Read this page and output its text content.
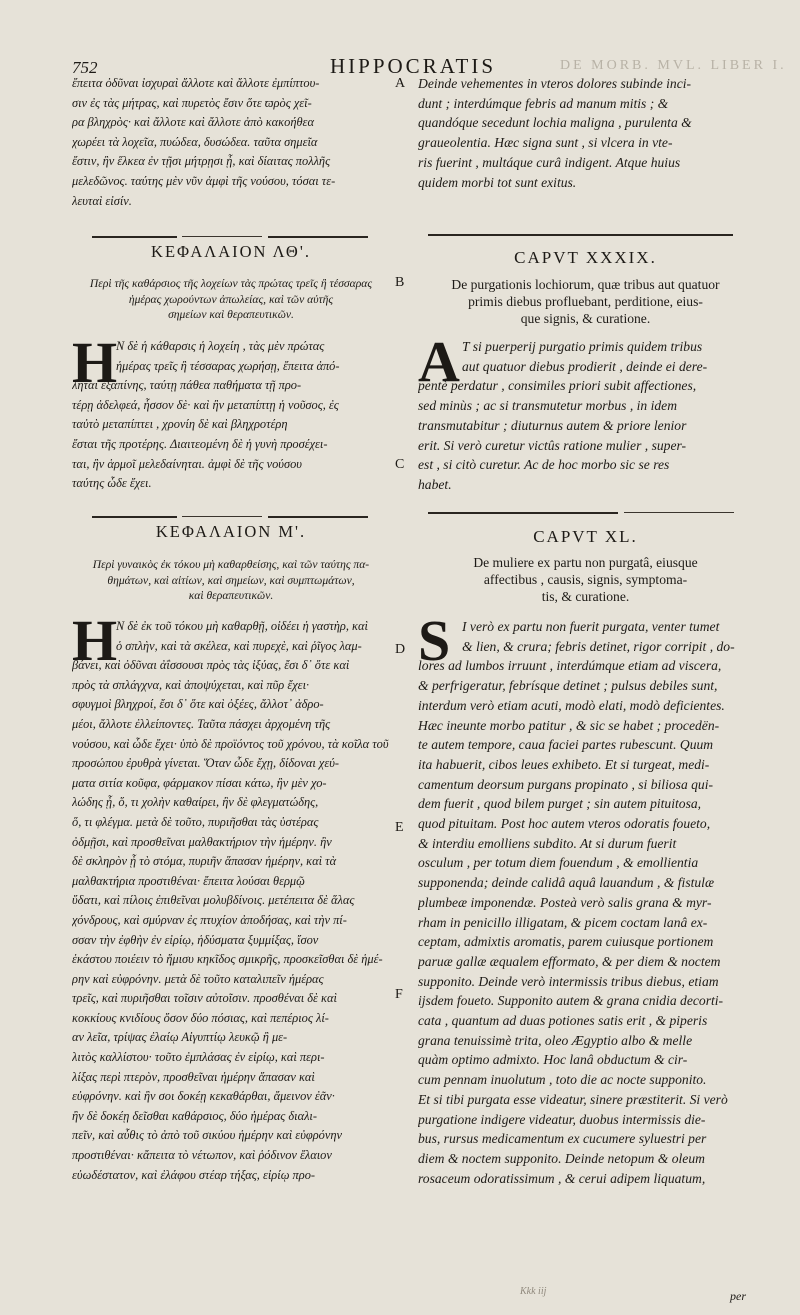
DE MORB. MVL. LIBER I.
752	HIPPOCRATIS
ἔπειτα ὀδῦναι ἰσχυραὶ ἄλλοτε καὶ ἄλλοτε ἐμπίπτου-
σιν ἐς τὰς μήτρας, καὶ πυρετὸς ἔσιν ὅτε ϖρὸς χεῖ-
ρα βληχρὸς· καὶ ἄλλοτε καὶ ἄλλοτε ἀπὸ κακοήθεα
χωρέει τὰ λοχεῖα, πυώδεα, δυσώδεα. ταῦτα σημεῖα
ἔστιν, ἢν ἕλκεα ἐν τῇσι μήτρῃσι ᾖ, καὶ δίαιτας πολλῆς
μελεδῶνος. ταύτης μὲν νῦν ἀμφὶ τῆς νούσου, τόσαι τε-
λευταὶ εἰσίν.
A Deinde vehementes in vteros dolores subinde inci-
dunt ; interdúmque febris ad manum mitis ; &
quandóque secedunt lochia maligna , purulenta &
graueolentia. Hæc signa sunt , si vlcera in vte-
ris fuerint , multáque curâ indigent. Atque huius
quidem morbi tot sunt exitus.
ΚΕΦΑΛΑΙΟΝ ΛΘ'.	CAPVT XXXIX.
Περὶ τῆς καθάρσιος τῆς λοχείων τὰς πρώτας τρεῖς ἢ τέσσαρας
ἡμέρας χωρούντων ἀπωλείας, καὶ τῶν αὐτῆς
σημείων καὶ θεραπευτικῶν.
B	De purgationis lochiorum, quæ tribus aut quatuor
primis diebus profluebant, perditione, eius-
que signis, & curatione.
H
Ν δὲ ἡ κάθαρσις ἡ λοχείη , τὰς μὲν πρώτας
ἡμέρας τρεῖς ἢ τέσσαρας χωρήσῃ, ἔπειτα ἀπό-
ληται ἐξαπίνης, ταύτῃ πάθεα παθήματα τῇ προ-
τέρῃ ἀδελφεά, ἧσσον δὲ· καὶ ἢν μεταπίπτῃ ἡ νοῦσος, ἐς
ταὐτὸ μεταπίπτει , χρονίη δὲ καὶ βληχροτέρη
ἔσται τῆς προτέρης. Διαιτεομένη δὲ ἡ γυνὴ προσέχει-
ται, ἢν ἁρμοῖ μελεδαίνηται. ἀμφὶ δὲ τῆς νούσου
ταύτης ὧδε ἔχει.
A T si puerperij purgatio primis quidem tribus
aut quatuor diebus prodierit , deinde ei dere-
pentè perdatur , consimiles priori subit affectiones,
sed minùs ; ac si transmutetur morbus , in idem
transmutabitur ; diuturnus autem & priore lenior
erit. Si verò curetur victûs ratione mulier , super-
est , si citò curetur. Ac de hoc morbo sic se res
habet.
C
ΚΕΦΑΛΑΙΟΝ Μ'.	CAPVT XL.
Περὶ γυναικὸς ἐκ τόκου μὴ καθαρθείσης, καὶ τῶν ταύτης πα-
θημάτων, καὶ αἰτίων, καὶ σημείων, καὶ συμπτωμάτων,
καὶ θεραπευτικῶν.
De muliere ex partu non purgatâ, eiusque
affectibus , causis, signis, symptoma-
tis, & curatione.
H
Ν δὲ ἐκ τοῦ τόκου μὴ καθαρθῇ, οἰδέει ἡ γαστὴρ, καὶ
ὁ σπλὴν, καὶ τὰ σκέλεα, καὶ πυρεχὲ, καὶ ῥῖγος λαμ-
βάνει, καὶ ὀδῦναι ἀΐσσουσι πρὸς τὰς ἰξύας, ἔσι δ᾽ ὅτε καὶ
πρὸς τὰ σπλάγχνα, καὶ ἀποψύχεται, καὶ πῦρ ἔχει·
σφυγμοὶ βληχροί, ἔσι δ᾽ ὅτε καὶ ὀξέες, ἄλλοτ᾽ ἀδρο-
μέοι, ἄλλοτε ἐλλείποντες. Ταῦτα πάσχει ἀρχομένη τῆς
νούσου, καὶ ὧδε ἔχει· ὑπὸ δὲ προϊόντος τοῦ χρόνου, τὰ κοῖλα τοῦ
προσώπου ἐρυθρὰ γίνεται. Ὅταν ὧδε ἔχῃ, δίδοναι χεύ-
ματα σιτία κοῦφα, φάρμακον πίσαι κάτω, ἢν μὲν χο-
λώδης ᾖ, ὅ, τι χολὴν καθαίρει, ἢν δὲ φλεγματώδης,
ὅ, τι φλέγμα. μετὰ δὲ τοῦτο, πυριῆσθαι τὰς ὑστέρας
ὀδμῇσι, καὶ προσθεῖναι μαλθακτήριον τὴν ἡμέρην. ἢν
δὲ σκληρὸν ᾖ τὸ στόμα, πυριῆν ἅπασαν ἡμέρην, καὶ τὰ
μαλθακτήρια προστιθέναι· ἔπειτα λούσαι θερμῷ
ὕδατι, καὶ πίλοις ἐπιθεῖναι μολυβδίνοις. μετέπειτα δὲ ἅλας
χόνδρους, καὶ σμύρναν ἐς πτυχίον ἀποδήσας, καὶ τὴν πί-
σσαν τὴν ἐφθὴν ἐν εἰρίῳ, ἡδύσματα ξυμμίξας, ἴσον
ἑκάστου ποιέειν τὸ ἥμισυ κηκῖδος σμικρῆς, προσκεῖσθαι δὲ ἡμέ-
ρην καὶ εὐφρόνην. μετὰ δὲ τοῦτο καταλιπεῖν ἡμέρας
τρεῖς, καὶ πυριῆσθαι τοῖσιν αὐτοῖσιν. προσθέναι δὲ καὶ
κοκκίους κνιδίους ὅσον δύο πόσιας, καὶ πεπέριος λί-
αν λεῖα, τρίψας ἐλαίῳ Αἰγυπτίῳ λευκῷ ἢ με-
λιτὸς καλλίστου· τοῦτο ἐμπλάσας ἐν εἰρίῳ, καὶ περι-
λίξας περὶ πτερὸν, προσθεῖναι ἡμέρην ἅπασαν καὶ
εὐφρόνην. καὶ ἢν σοι δοκέῃ κεκαθάρθαι, ἄμεινον ἐᾶν·
ἢν δὲ δοκέῃ δεῖσθαι καθάρσιος, δύο ἡμέρας διαλι-
πεῖν, καὶ αὖθις τὸ ἀπὸ τοῦ σικύου ἡμέρην καὶ εὐφρόνην
προστιθέναι· κἄπειτα τὸ νέτωπον, καὶ ῥόδινον ἔλαιον
εὐωδέστατον, καὶ ἐλάφου στέαρ τήξας, εἰρίῳ προ-
D
E
F
S I verò ex partu non fuerit purgata, venter tumet
& lien, & crura; febris detinet, rigor corripit , do-
lores ad lumbos irruunt , interdúmque etiam ad viscera,
& perfrigeratur, febrísque detinet ; pulsus debiles sunt,
interdum verò etiam acuti, modò elati, modò deficientes.
Hæc ineunte morbo patitur , & sic se habet ; procedën-
te autem tempore, caua faciei partes rubescunt. Quum
ita habuerit, cibos leues exhibeto. Et si turgeat, medi-
camentum deorsum purgans propinato , si biliosa qui-
dem fuerit , quod bilem purget ; sin autem pituitosa,
quod pituitam. Post hoc autem vteros odoratis foueto,
& interdiu emolliens subdito. At si durum fuerit
osculum , per totum diem fouendum , & emollientia
supponenda; deinde calidâ aquâ lauandum , & fistulæ
plumbeæ imponendæ. Posteà verò salis grana & myr-
rham in penicillo illigatam, & picem coctam lanâ ex-
ceptam, admixtis aromatis, parem cuiusque portionem
paruæ gallæ æqualem efformato, & per diem & noctem
supponito. Deinde verò intermissis tribus diebus, etiam
ijsdem foueto. Supponito autem & grana cnidia decorti-
cata , quantum ad duas potiones satis erit , & piperis
grana tenuissimè trita, oleo Ægyptio albo & melle
quàm optimo admixto. Hoc lanâ obductum & cir-
cum pennam inuolutum , toto die ac nocte supponito.
Et si tibi purgata esse videatur, sinere præstiterit. Si verò
purgatione indigere videatur, duobus intermissis die-
bus, rursus medicamentum ex cucumere syluestri per
diem & noctem supponito. Deinde netopum & oleum
rosaceum odoratissimum , & cerui adipem liquatum,
Kkk iij	per
